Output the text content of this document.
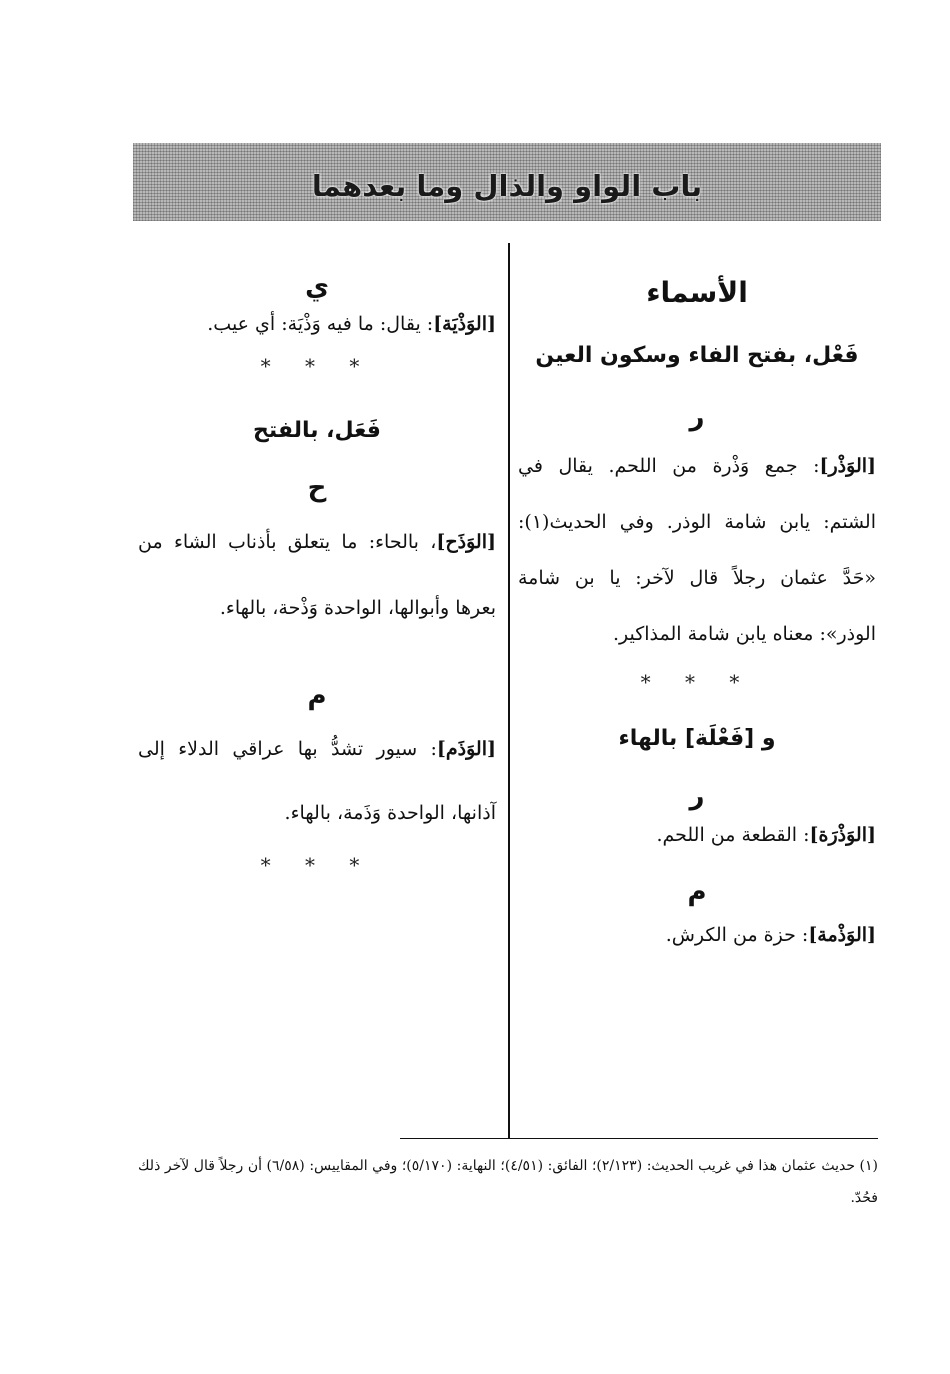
باب الواو والذال وما بعدهما
الأسماء
فَعْل، بفتح الفاء وسكون العين
ر

[الوَذْر]: جمع وَذْرة من اللحم. يقال في الشتم: يابن شامة الوذر. وفي الحديث(١): «حَدَّ عثمان رجلاً قال لآخر: يا بن شامة الوذر»: معناه يابن شامة المذاكير.

* * *
و [فَعْلَة] بالهاء
ر

[الوَذْرَة]: القطعة من اللحم.

م

[الوَذْمة]: حزة من الكرش.

ي

[الوَذْيَة]: يقال: ما فيه وَذْيَة: أي عيب.

* * *
فَعَل، بالفتح
ح

[الوَذَح]، بالحاء: ما يتعلق بأذناب الشاء من بعرها وأبوالها، الواحدة وَذْحة، بالهاء.

م

[الوَذَم]: سيور تشدُّ بها عراقي الدلاء إلى آذانها، الواحدة وَذَمة، بالهاء.

* * *
(١) حديث عثمان هذا في غريب الحديث: (٢/١٢٣)؛ الفائق: (٤/٥١)؛ النهاية: (٥/١٧٠)؛ وفي المقاييس: (٦/٥٨) أن رجلاً قال لآخر ذلك فحُدّ.
